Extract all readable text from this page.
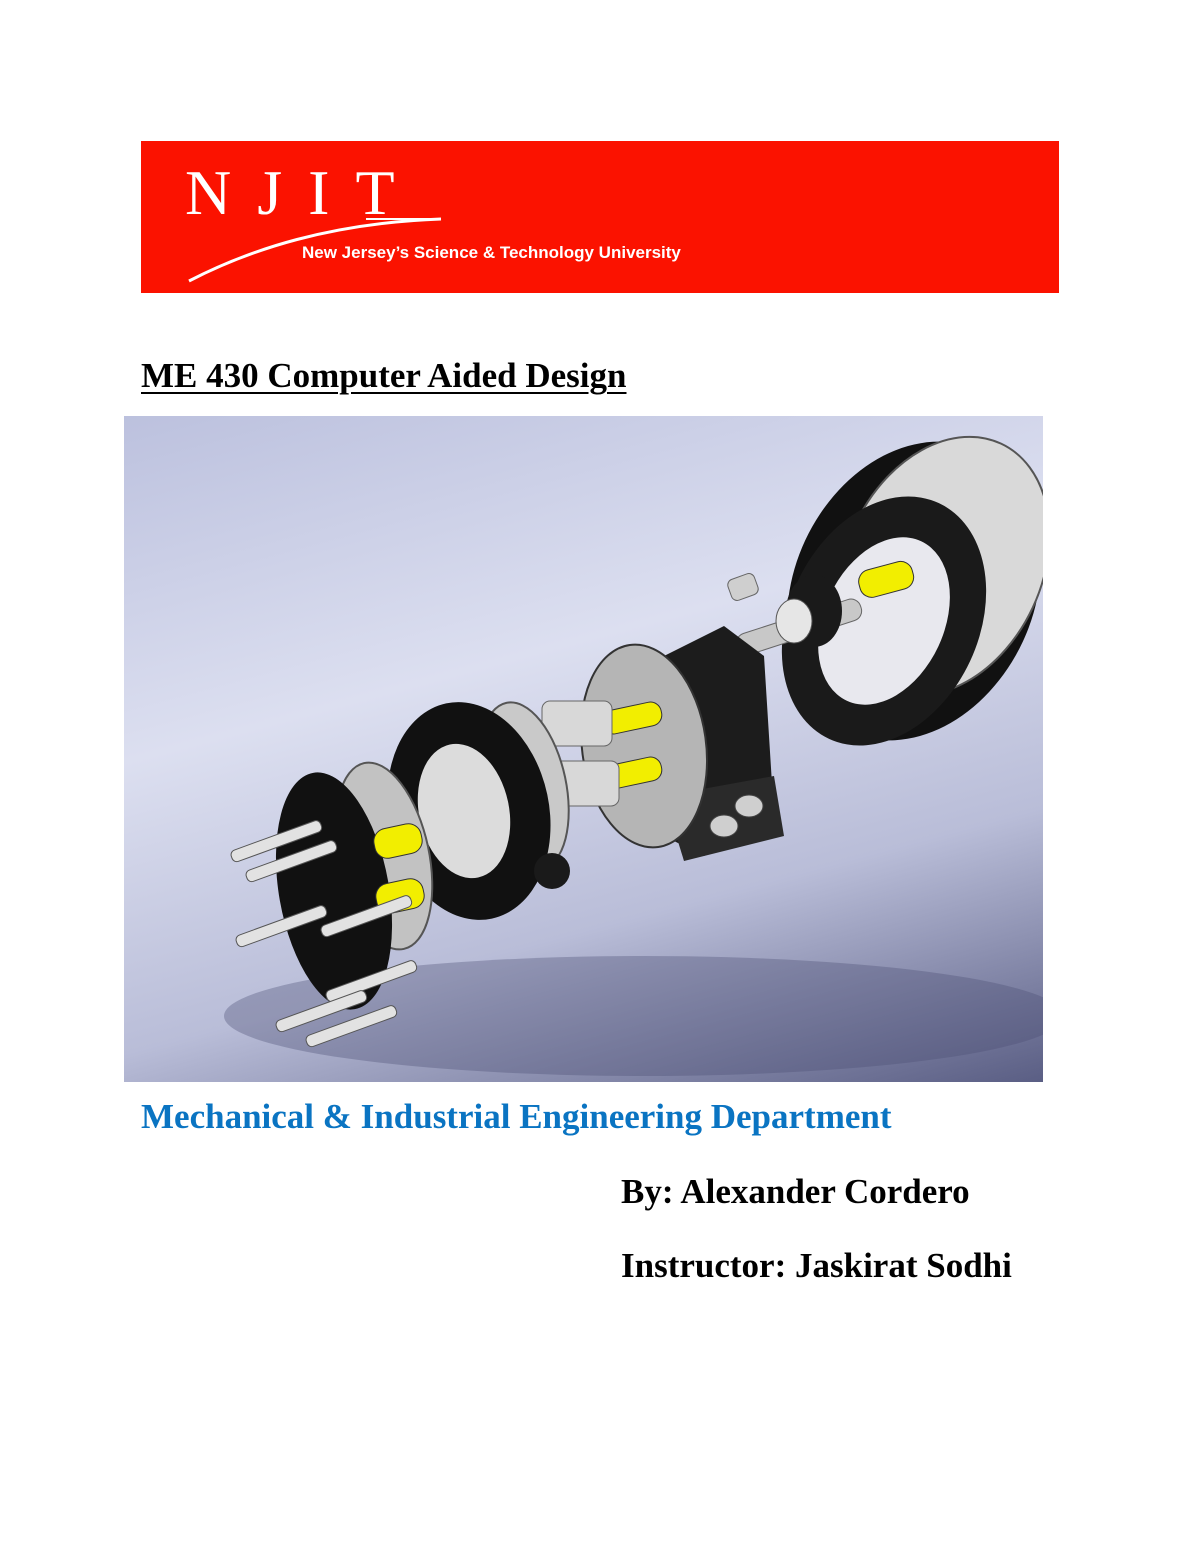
NJIT
New Jersey’s Science & Technology University
ME 430 Computer Aided Design
Mechanical & Industrial Engineering Department

By: Alexander Cordero

Instructor: Jaskirat Sodhi
